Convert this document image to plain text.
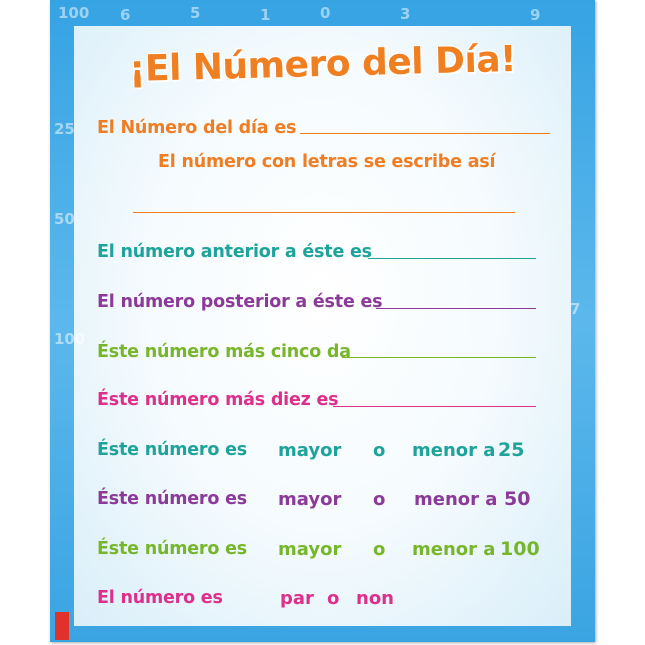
100 6	5	1	0	3	9
25
50
100
7
¡El Número del Día!
El Número del día es
El número con letras se escribe así
El número anterior a éste es
El número posterior a éste es
Éste número más cinco da
Éste número más diez es
Éste número es mayor o menor a 25
Éste número es mayor o menor a 50
Éste número es mayor o menor a 100
El número es	par o non
